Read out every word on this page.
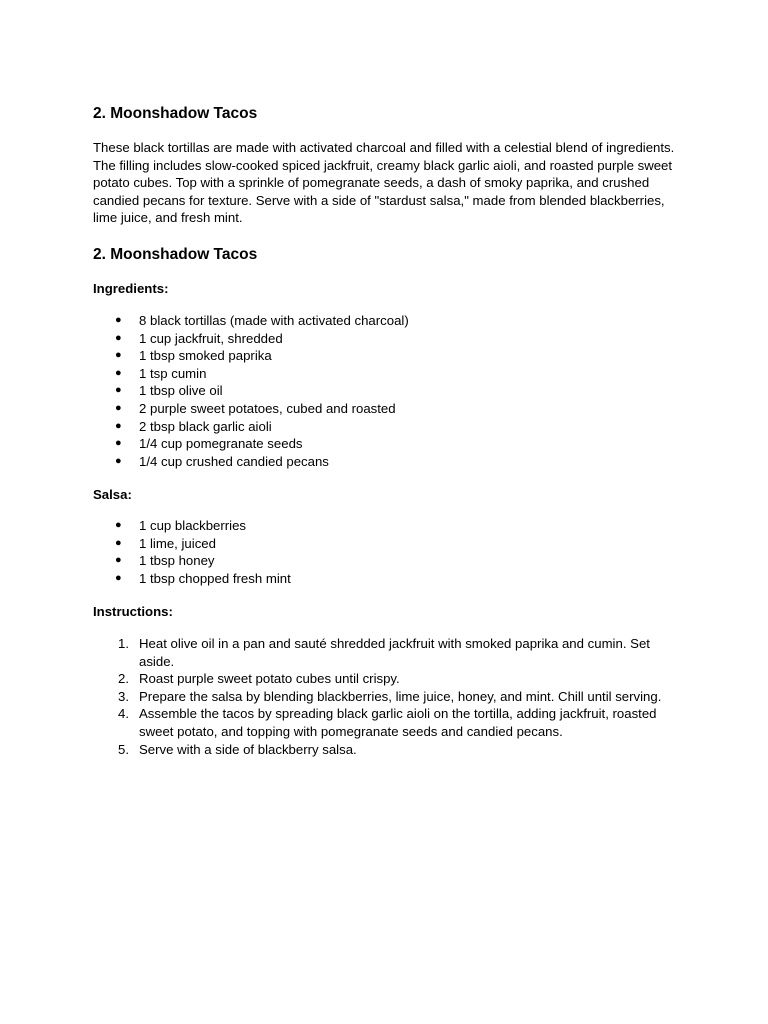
2. Moonshadow Tacos

These black tortillas are made with activated charcoal and filled with a celestial blend of ingredients. The filling includes slow-cooked spiced jackfruit, creamy black garlic aioli, and roasted purple sweet potato cubes. Top with a sprinkle of pomegranate seeds, a dash of smoky paprika, and crushed candied pecans for texture. Serve with a side of "stardust salsa," made from blended blackberries, lime juice, and fresh mint.

2. Moonshadow Tacos

Ingredients:

● 8 black tortillas (made with activated charcoal)
● 1 cup jackfruit, shredded
● 1 tbsp smoked paprika
● 1 tsp cumin
● 1 tbsp olive oil
● 2 purple sweet potatoes, cubed and roasted
● 2 tbsp black garlic aioli
● 1/4 cup pomegranate seeds
● 1/4 cup crushed candied pecans

Salsa:

● 1 cup blackberries
● 1 lime, juiced
● 1 tbsp honey
● 1 tbsp chopped fresh mint

Instructions:

1. Heat olive oil in a pan and sauté shredded jackfruit with smoked paprika and cumin. Set aside.
2. Roast purple sweet potato cubes until crispy.
3. Prepare the salsa by blending blackberries, lime juice, honey, and mint. Chill until serving.
4. Assemble the tacos by spreading black garlic aioli on the tortilla, adding jackfruit, roasted sweet potato, and topping with pomegranate seeds and candied pecans.
5. Serve with a side of blackberry salsa.
